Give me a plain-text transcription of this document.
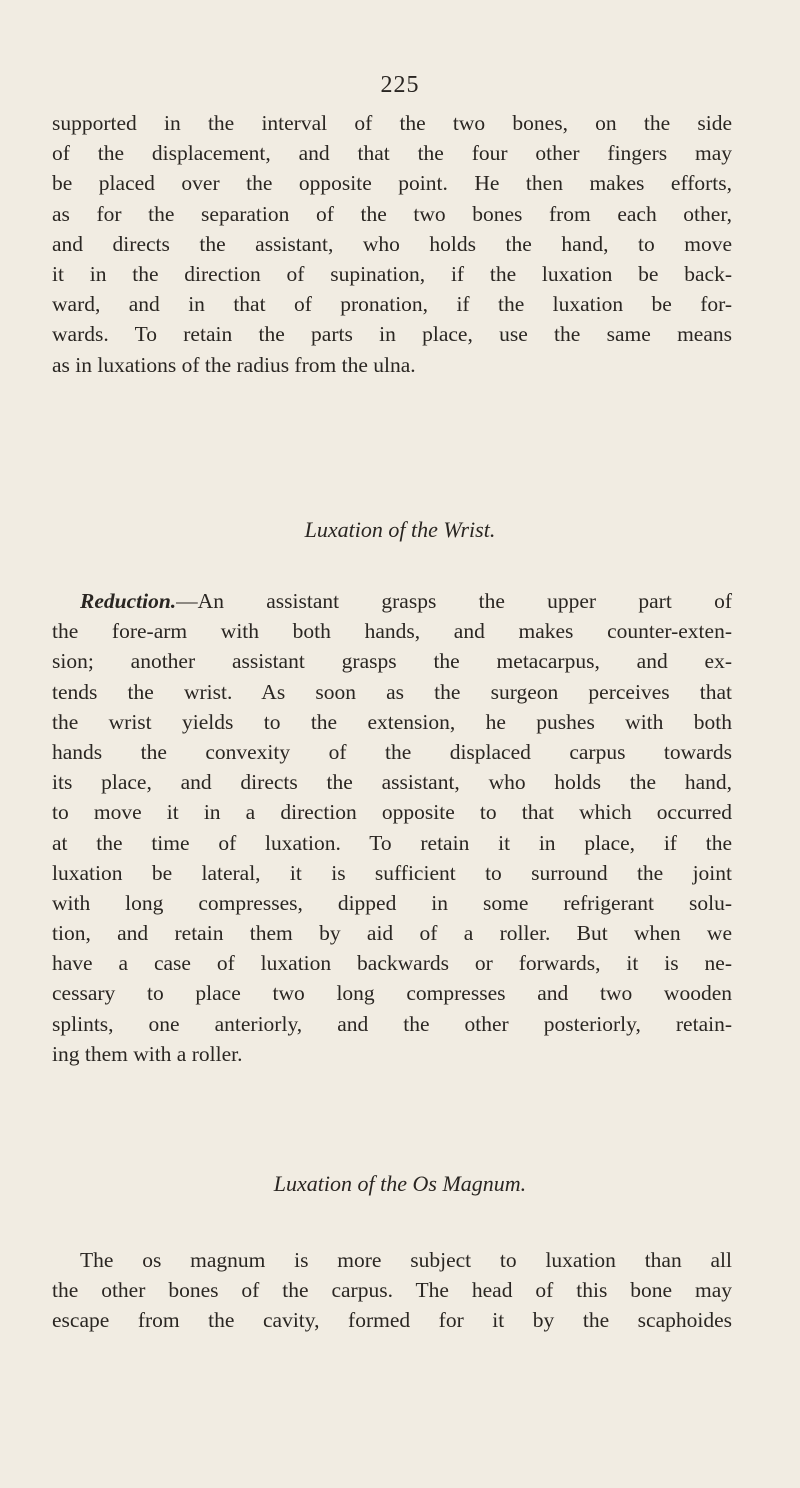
225
supported in the interval of the two bones, on the side
of the displacement, and that the four other fingers may
be placed over the opposite point. He then makes efforts,
as for the separation of the two bones from each other,
and directs the assistant, who holds the hand, to move
it in the direction of supination, if the luxation be back-
ward, and in that of pronation, if the luxation be for-
wards. To retain the parts in place, use the same means
as in luxations of the radius from the ulna.
Luxation of the Wrist.
Reduction.—An assistant grasps the upper part of
the fore-arm with both hands, and makes counter-exten-
sion; another assistant grasps the metacarpus, and ex-
tends the wrist. As soon as the surgeon perceives that
the wrist yields to the extension, he pushes with both
hands the convexity of the displaced carpus towards
its place, and directs the assistant, who holds the hand,
to move it in a direction opposite to that which occurred
at the time of luxation. To retain it in place, if the
luxation be lateral, it is sufficient to surround the joint
with long compresses, dipped in some refrigerant solu-
tion, and retain them by aid of a roller. But when we
have a case of luxation backwards or forwards, it is ne-
cessary to place two long compresses and two wooden
splints, one anteriorly, and the other posteriorly, retain-
ing them with a roller.
Luxation of the Os Magnum.
The os magnum is more subject to luxation than all
the other bones of the carpus. The head of this bone may
escape from the cavity, formed for it by the scaphoides
